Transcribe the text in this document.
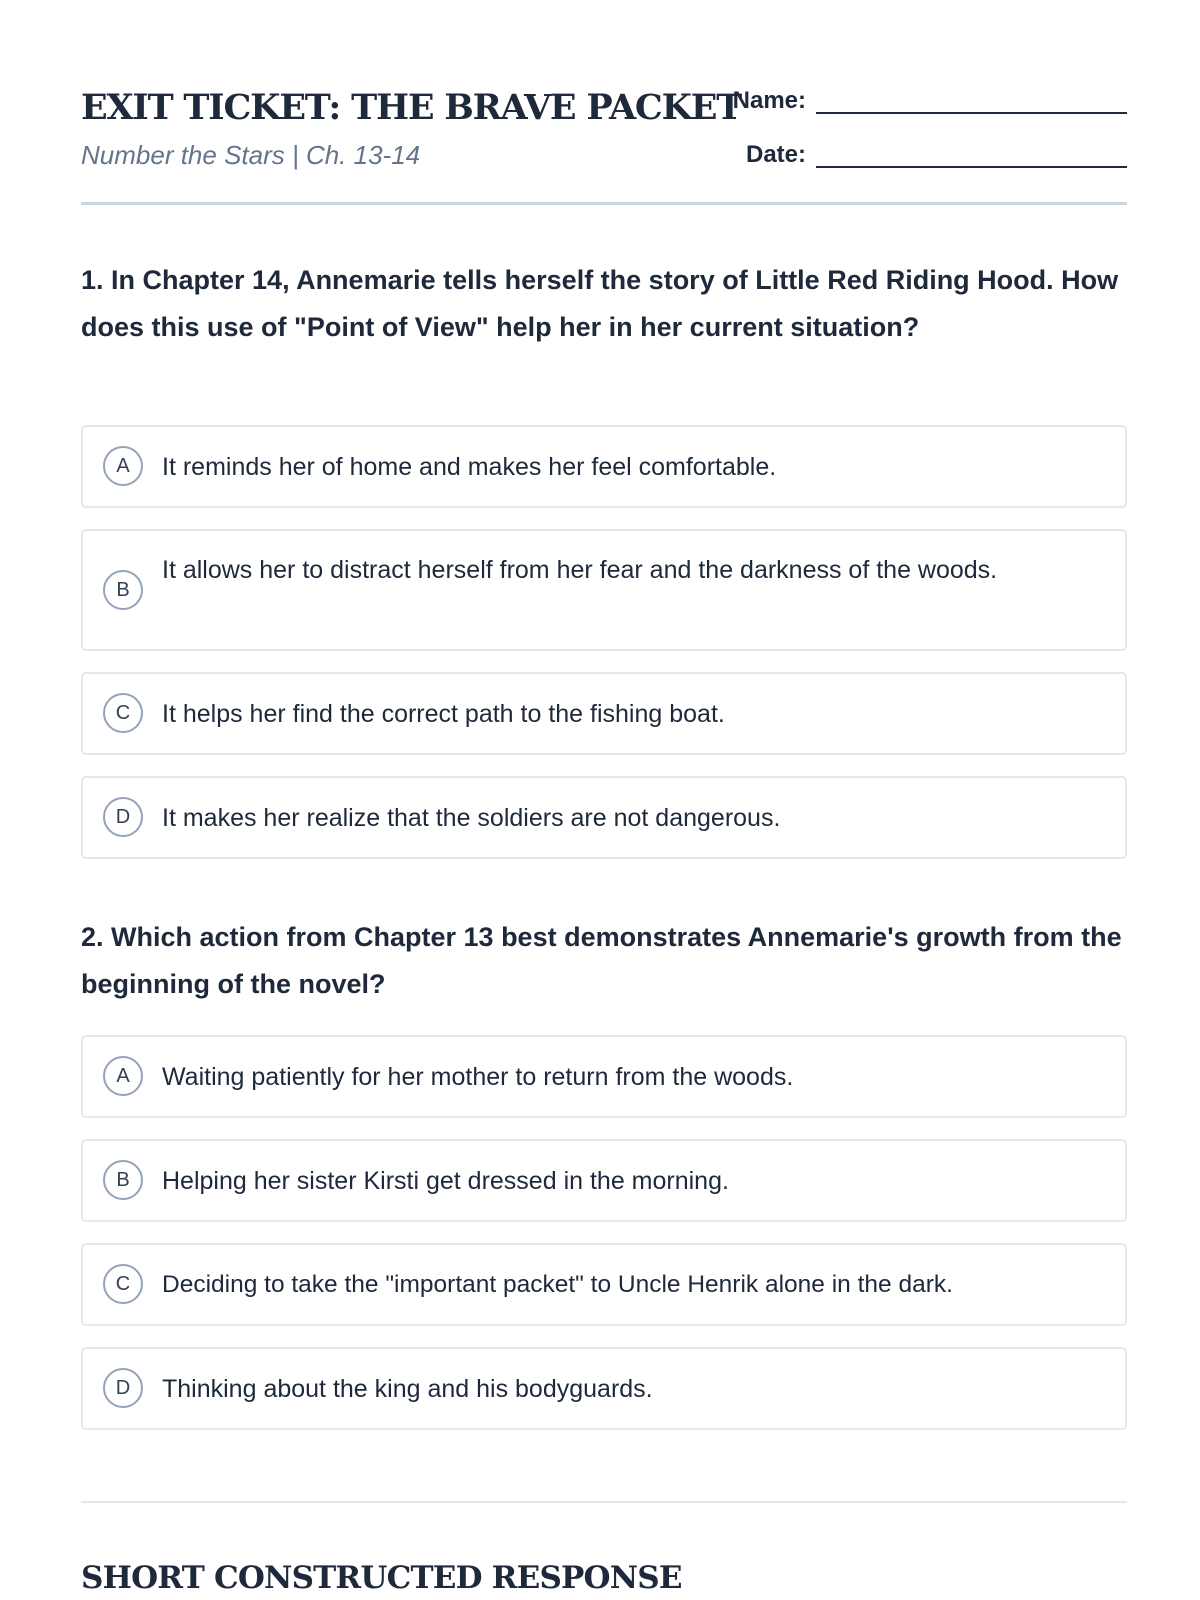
EXIT TICKET: THE BRAVE PACKET
Number the Stars | Ch. 13-14
Name:
Date:
1. In Chapter 14, Annemarie tells herself the story of Little Red Riding Hood. How does this use of "Point of View" help her in her current situation?
A	It reminds her of home and makes her feel comfortable.
B
It allows her to distract herself from her fear and the darkness of the woods.
C	It helps her find the correct path to the fishing boat.
D	It makes her realize that the soldiers are not dangerous.
2. Which action from Chapter 13 best demonstrates Annemarie's growth from the beginning of the novel?
A	Waiting patiently for her mother to return from the woods.
B	Helping her sister Kirsti get dressed in the morning.
C	Deciding to take the "important packet" to Uncle Henrik alone in the dark.
D	Thinking about the king and his bodyguards.
SHORT CONSTRUCTED RESPONSE
